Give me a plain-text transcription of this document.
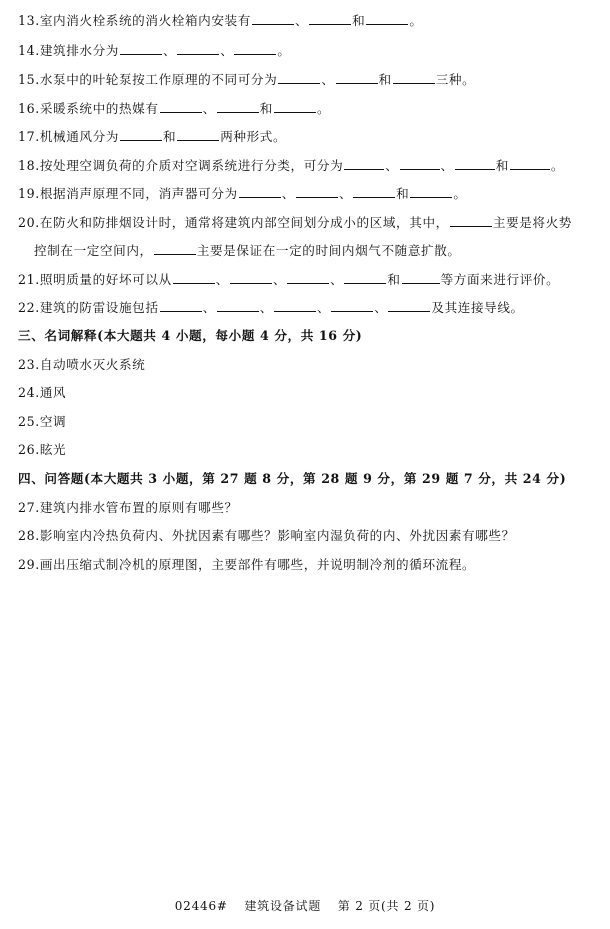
13.室内消火栓系统的消火栓箱内安装有	、	和	。
14.建筑排水分为	、	、	。
15.水泵中的叶轮泵按工作原理的不同可分为	、	和	三种。
16.采暖系统中的热媒有	、	和	。
17.机械通风分为	和	两种形式。
18.按处理空调负荷的介质对空调系统进行分类，可分为	、	、	和	。
19.根据消声原理不同，消声器可分为	、	、	和	。
20.在防火和防排烟设计时，通常将建筑内部空间划分成小的区域，其中，	主要是将火势
控制在一定空间内，	主要是保证在一定的时间内烟气不随意扩散。
21.照明质量的好坏可以从	、	、	、	和	等方面来进行评价。
22.建筑的防雷设施包括	、	、	、	、	及其连接导线。
三、名词解释(本大题共 4 小题，每小题 4 分，共 16 分)
23.自动喷水灭火系统
24.通风
25.空调
26.眩光
四、问答题(本大题共 3 小题，第 27 题 8 分，第 28 题 9 分，第 29 题 7 分，共 24 分)
27.建筑内排水管布置的原则有哪些？
28.影响室内冷热负荷内、外扰因素有哪些？影响室内湿负荷的内、外扰因素有哪些？
29.画出压缩式制冷机的原理图，主要部件有哪些，并说明制冷剂的循环流程。
02446# 建筑设备试题 第 2 页(共 2 页)
